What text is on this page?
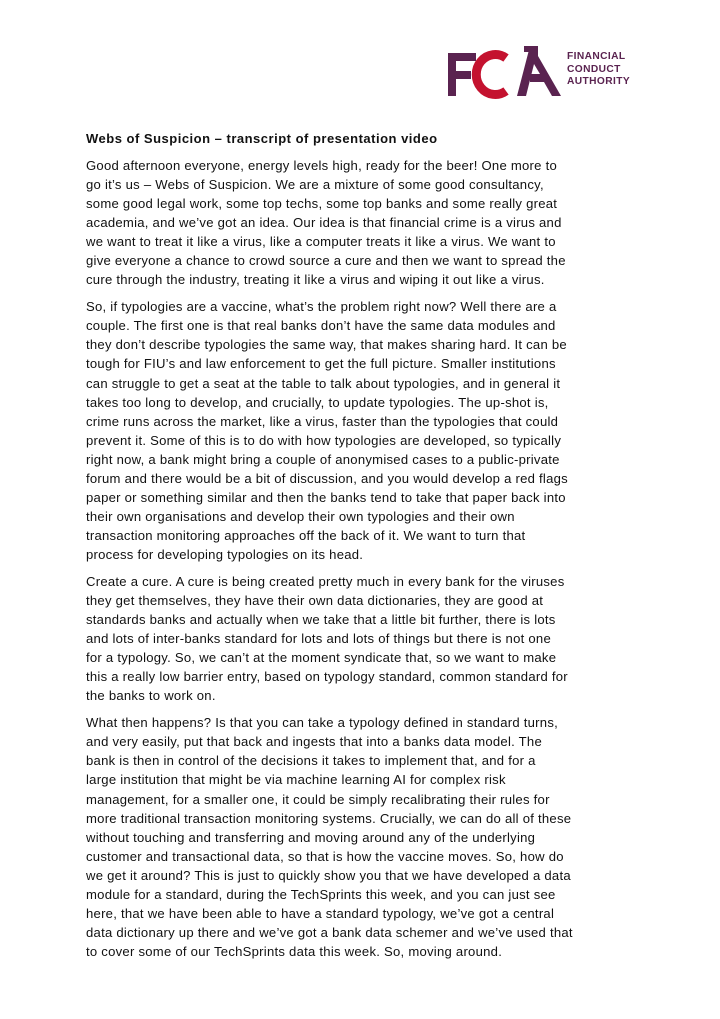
FINANCIAL
CONDUCT
AUTHORITY
Webs of Suspicion – transcript of presentation video

Good afternoon everyone, energy levels high, ready for the beer! One more to
go it’s us – Webs of Suspicion. We are a mixture of some good consultancy,
some good legal work, some top techs, some top banks and some really great
academia, and we’ve got an idea. Our idea is that financial crime is a virus and
we want to treat it like a virus, like a computer treats it like a virus. We want to
give everyone a chance to crowd source a cure and then we want to spread the
cure through the industry, treating it like a virus and wiping it out like a virus.

So, if typologies are a vaccine, what’s the problem right now? Well there are a
couple. The first one is that real banks don’t have the same data modules and
they don’t describe typologies the same way, that makes sharing hard. It can be
tough for FIU’s and law enforcement to get the full picture. Smaller institutions
can struggle to get a seat at the table to talk about typologies, and in general it
takes too long to develop, and crucially, to update typologies. The up-shot is,
crime runs across the market, like a virus, faster than the typologies that could
prevent it. Some of this is to do with how typologies are developed, so typically
right now, a bank might bring a couple of anonymised cases to a public-private
forum and there would be a bit of discussion, and you would develop a red flags
paper or something similar and then the banks tend to take that paper back into
their own organisations and develop their own typologies and their own
transaction monitoring approaches off the back of it. We want to turn that
process for developing typologies on its head.

Create a cure. A cure is being created pretty much in every bank for the viruses
they get themselves, they have their own data dictionaries, they are good at
standards banks and actually when we take that a little bit further, there is lots
and lots of inter-banks standard for lots and lots of things but there is not one
for a typology. So, we can’t at the moment syndicate that, so we want to make
this a really low barrier entry, based on typology standard, common standard for
the banks to work on.

What then happens? Is that you can take a typology defined in standard turns,
and very easily, put that back and ingests that into a banks data model. The
bank is then in control of the decisions it takes to implement that, and for a
large institution that might be via machine learning AI for complex risk
management, for a smaller one, it could be simply recalibrating their rules for
more traditional transaction monitoring systems. Crucially, we can do all of these
without touching and transferring and moving around any of the underlying
customer and transactional data, so that is how the vaccine moves. So, how do
we get it around? This is just to quickly show you that we have developed a data
module for a standard, during the TechSprints this week, and you can just see
here, that we have been able to have a standard typology, we’ve got a central
data dictionary up there and we’ve got a bank data schemer and we’ve used that
to cover some of our TechSprints data this week. So, moving around.
